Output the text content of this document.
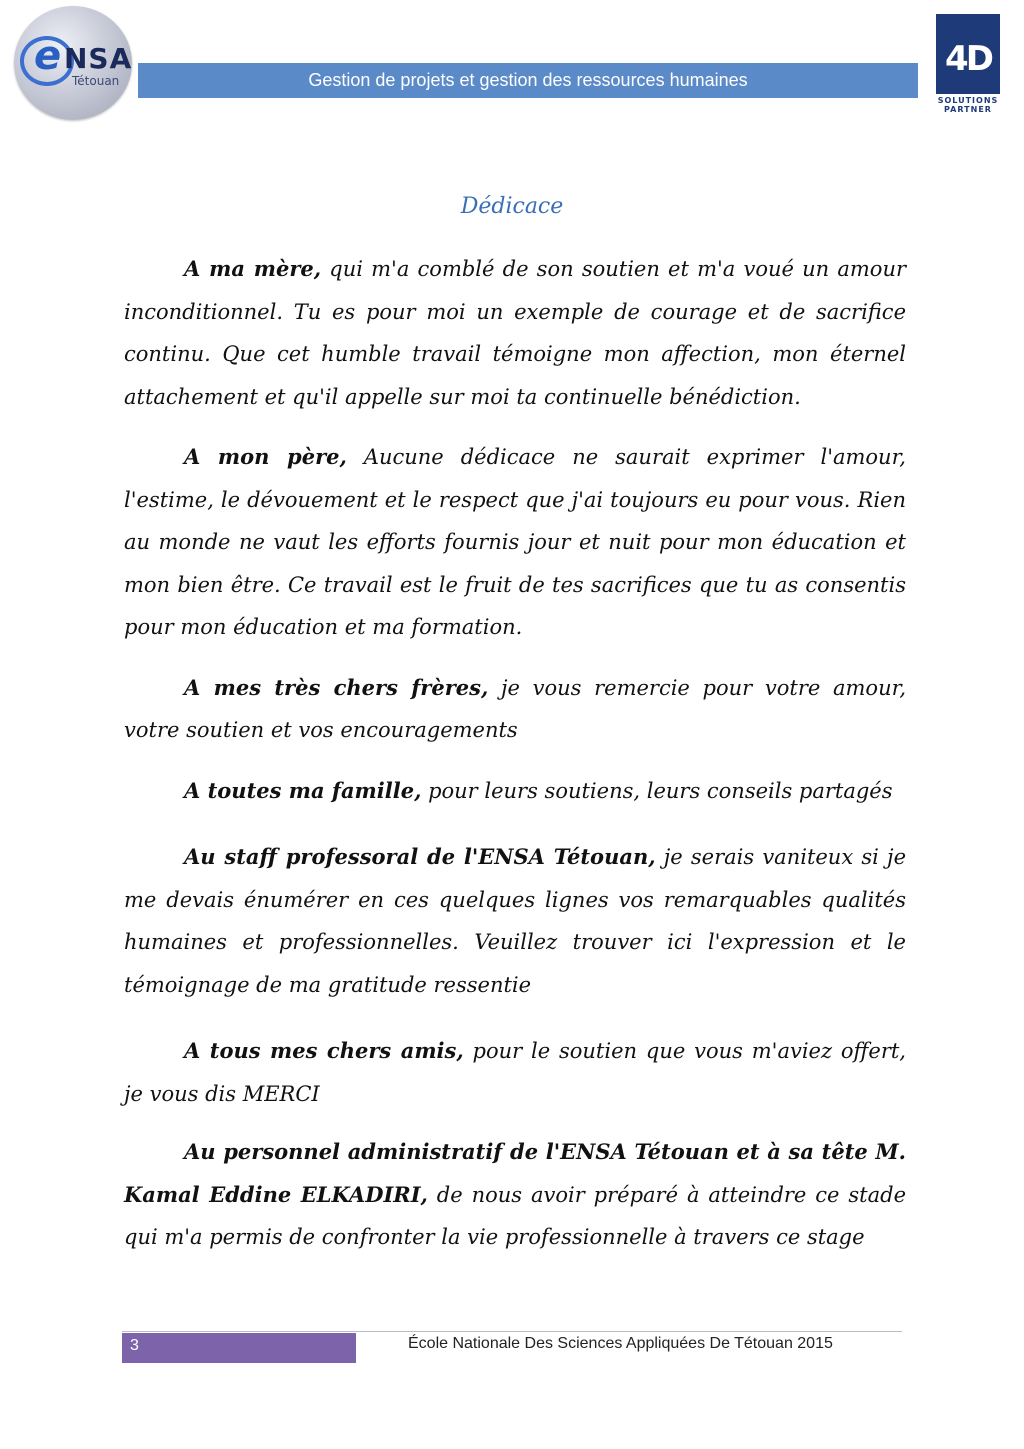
e NSA
Tétouan	Gestion de projets et gestion des ressources humaines
4D
SOLUTIONS
PARTNER
Dédicace

A ma mère, qui m'a comblé de son soutien et m'a voué un amour inconditionnel. Tu es pour moi un exemple de courage et de sacrifice continu. Que cet humble travail témoigne mon affection, mon éternel attachement et qu'il appelle sur moi ta continuelle bénédiction.

A mon père, Aucune dédicace ne saurait exprimer l'amour, l'estime, le dévouement et le respect que j'ai toujours eu pour vous. Rien au monde ne vaut les efforts fournis jour et nuit pour mon éducation et mon bien être. Ce travail est le fruit de tes sacrifices que tu as consentis pour mon éducation et ma formation.

A mes très chers frères, je vous remercie pour votre amour, votre soutien et vos encouragements

A toutes ma famille, pour leurs soutiens, leurs conseils partagés

Au staff professoral de l'ENSA Tétouan, je serais vaniteux si je me devais énumérer en ces quelques lignes vos remarquables qualités humaines et professionnelles. Veuillez trouver ici l'expression et le témoignage de ma gratitude ressentie

A tous mes chers amis, pour le soutien que vous m'aviez offert, je vous dis MERCI

Au personnel administratif de l'ENSA Tétouan et à sa tête M. Kamal Eddine ELKADIRI, de nous avoir préparé à atteindre ce stade qui m'a permis de confronter la vie professionnelle à travers ce stage

3	École Nationale Des Sciences Appliquées De Tétouan 2015
